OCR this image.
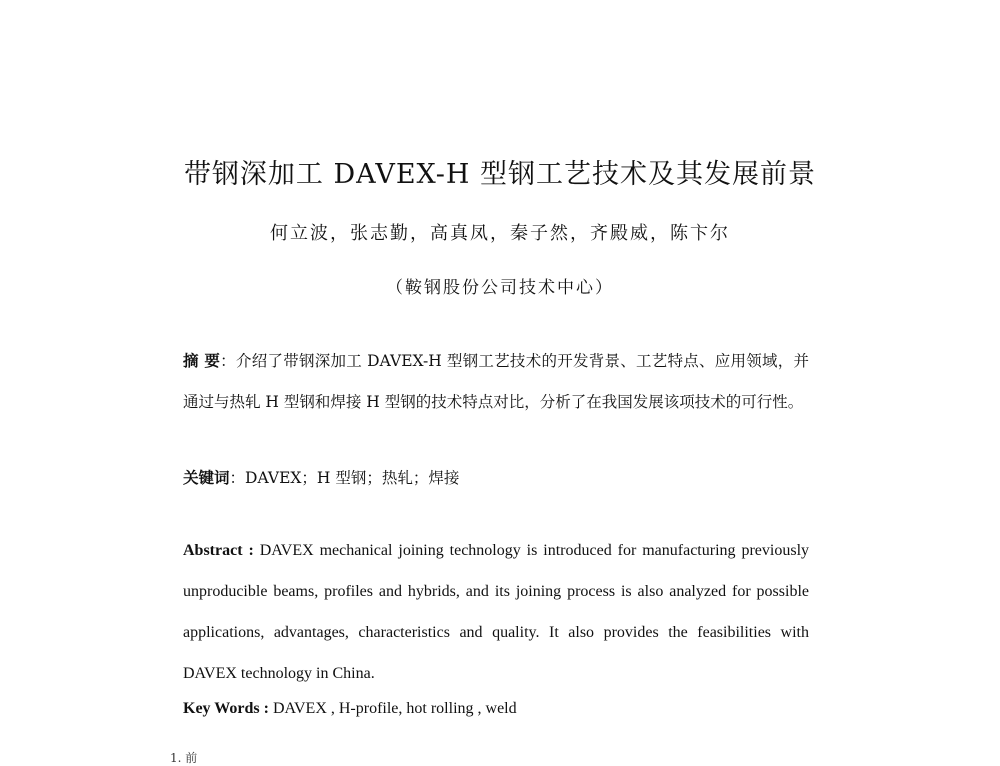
带钢深加工 DAVEX-H 型钢工艺技术及其发展前景
何立波，张志勤，高真凤，秦子然，齐殿威，陈卞尔
（鞍钢股份公司技术中心）
摘 要：介绍了带钢深加工 DAVEX-H 型钢工艺技术的开发背景、工艺特点、应用领域，并通过与热轧 H 型钢和焊接 H 型钢的技术特点对比，分析了在我国发展该项技术的可行性。
关键词：DAVEX；H 型钢；热轧；焊接
Abstract : DAVEX mechanical joining technology is introduced for manufacturing previously unproducible beams, profiles and hybrids, and its joining process is also analyzed for possible applications, advantages, characteristics and quality. It also provides the feasibilities with DAVEX technology in China.
Key Words : DAVEX , H-profile, hot rolling , weld
1. 前
